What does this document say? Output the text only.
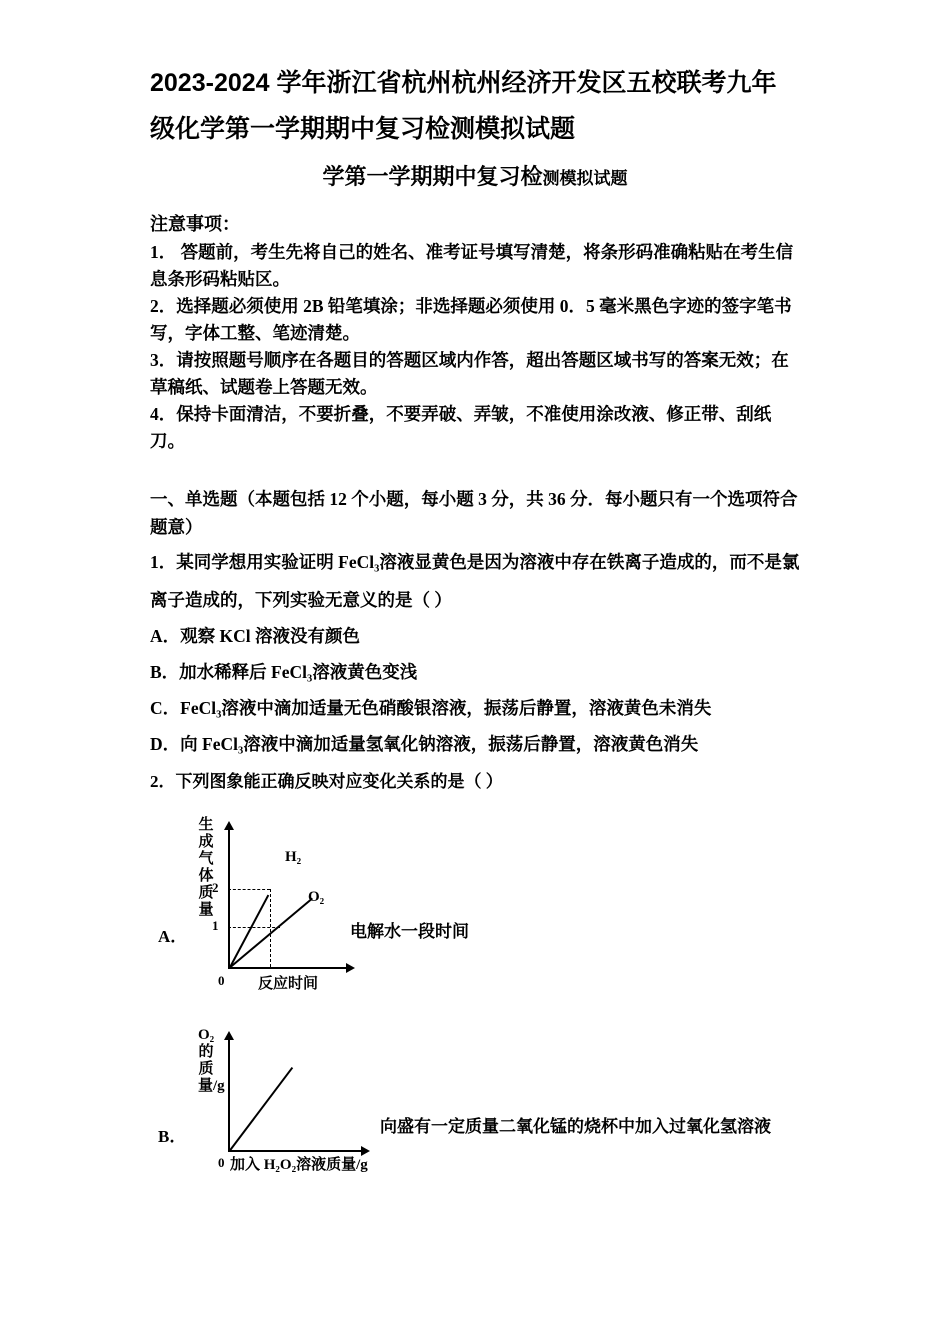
2023-2024 学年浙江省杭州杭州经济开发区五校联考九年级化学第一学期期中复习检测模拟试题
学第一学期期中复习检测模拟试题
注意事项：

1． 答题前，考生先将自己的姓名、准考证号填写清楚，将条形码准确粘贴在考生信息条形码粘贴区。

2．选择题必须使用 2B 铅笔填涂；非选择题必须使用 0．5 毫米黑色字迹的签字笔书写，字体工整、笔迹清楚。

3．请按照题号顺序在各题目的答题区域内作答，超出答题区域书写的答案无效；在草稿纸、试题卷上答题无效。

4．保持卡面清洁，不要折叠，不要弄破、弄皱，不准使用涂改液、修正带、刮纸刀。

一、单选题（本题包括 12 个小题，每小题 3 分，共 36 分．每小题只有一个选项符合题意）
1．某同学想用实验证明 FeCl₃溶液显黄色是因为溶液中存在铁离子造成的，而不是氯
离子造成的，下列实验无意义的是（ ）
A．观察 KCl 溶液没有颜色
B．加水稀释后 FeCl₃溶液黄色变浅
C．FeCl₃溶液中滴加适量无色硝酸银溶液，振荡后静置，溶液黄色未消失
D．向 FeCl₃溶液中滴加适量氢氧化钠溶液，振荡后静置，溶液黄色消失
2．下列图象能正确反映对应变化关系的是（ ）
A．
生成气体质量
2
1
H₂
O₂
0 反应时间
电解水一段时间
B．
O₂的质量/g
0 加入 H₂O₂溶液质量/g
向盛有一定质量二氧化锰的烧杯中加入过氧化氢溶液
